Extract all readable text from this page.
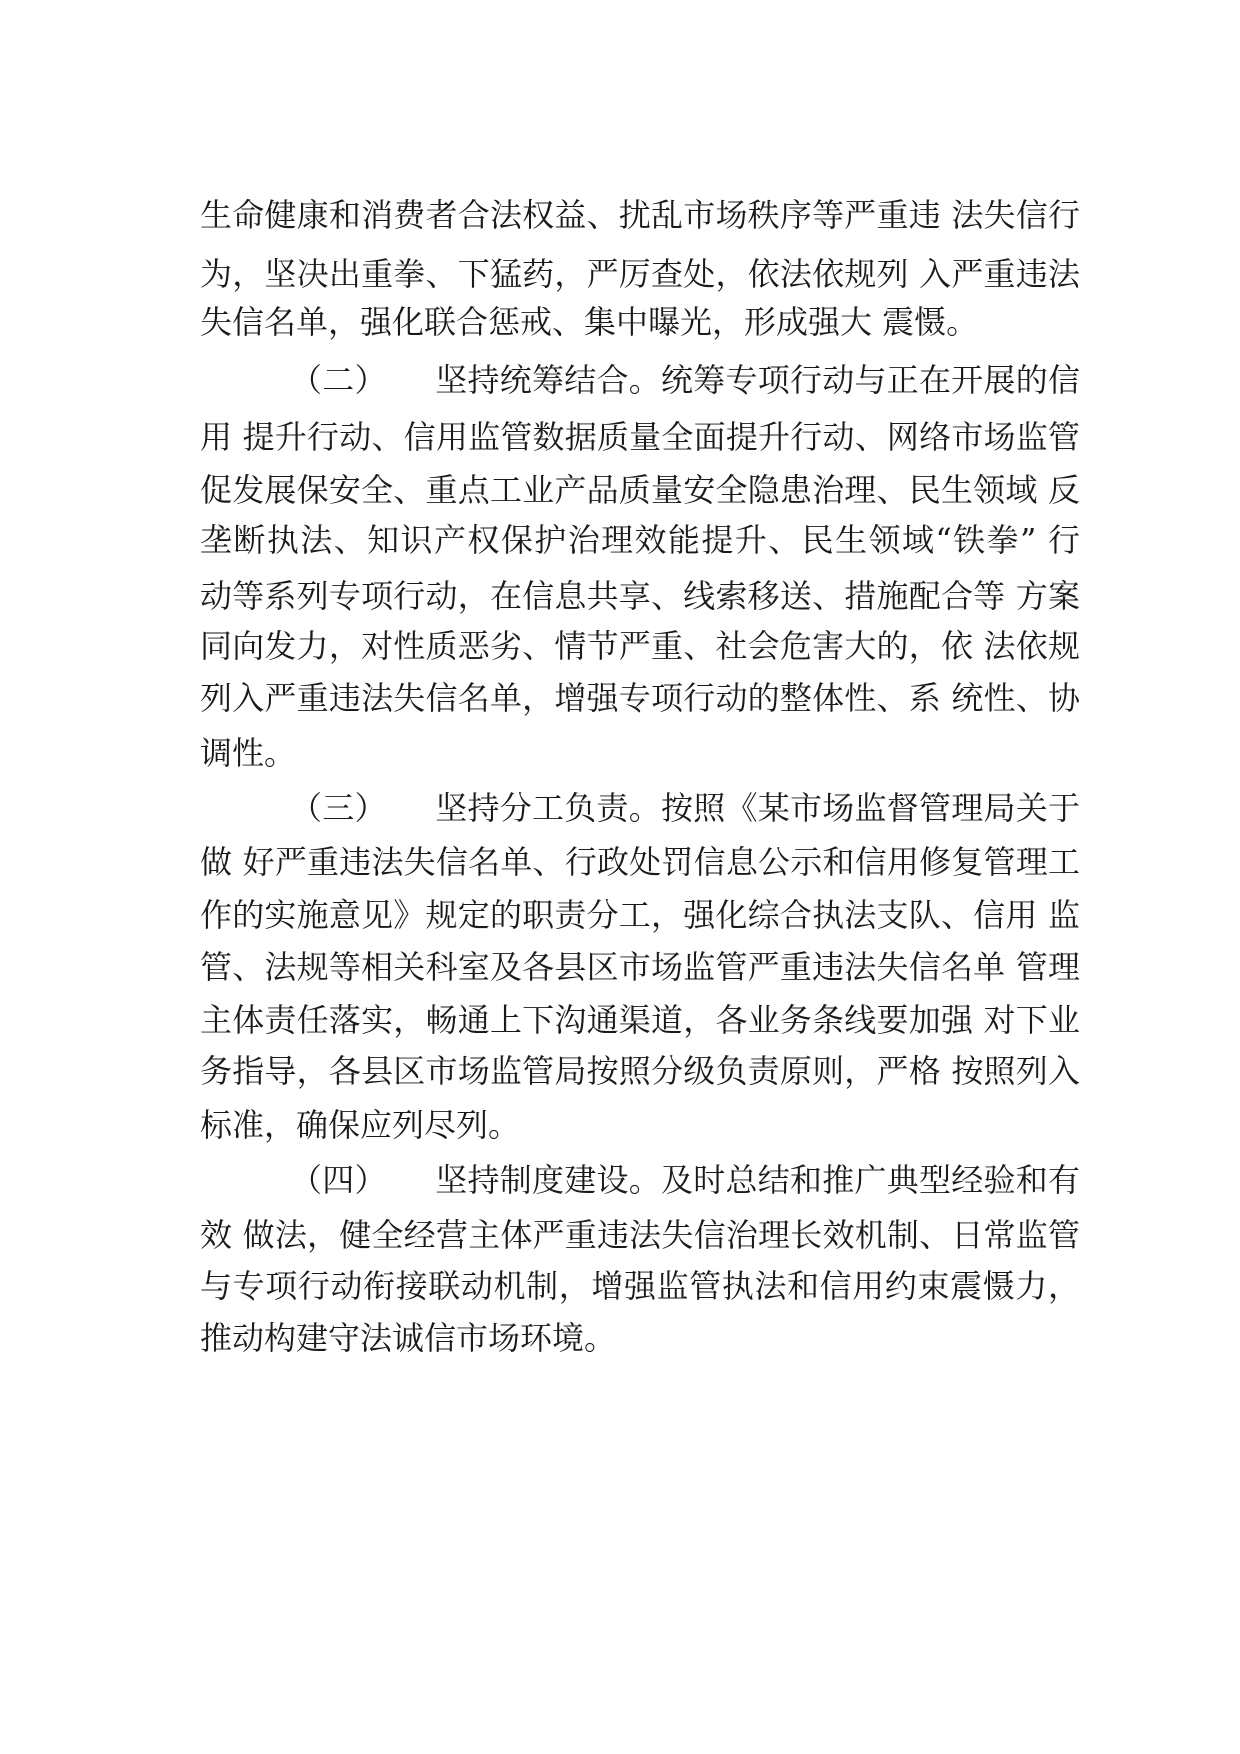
生命健康和消费者合法权益、扰乱市场秩序等严重违 法失信行
为，坚决出重拳、下猛药，严厉查处，依法依规列 入严重违法
失信名单，强化联合惩戒、集中曝光，形成强大 震慑。
（二）　　坚持统筹结合。统筹专项行动与正在开展的信
用 提升行动、信用监管数据质量全面提升行动、网络市场监管
促发展保安全、重点工业产品质量安全隐患治理、民生领域 反
垄断执法、知识产权保护治理效能提升、民生领域“铁拳” 行
动等系列专项行动，在信息共享、线索移送、措施配合等 方案
同向发力，对性质恶劣、情节严重、社会危害大的，依 法依规
列入严重违法失信名单，增强专项行动的整体性、系 统性、协
调性。
（三）　　坚持分工负责。按照《某市场监督管理局关于
做 好严重违法失信名单、行政处罚信息公示和信用修复管理工
作的实施意见》规定的职责分工，强化综合执法支队、信用 监
管、法规等相关科室及各县区市场监管严重违法失信名单 管理
主体责任落实，畅通上下沟通渠道，各业务条线要加强 对下业
务指导，各县区市场监管局按照分级负责原则，严格 按照列入
标准，确保应列尽列。
（四）　　坚持制度建设。及时总结和推广典型经验和有
效 做法，健全经营主体严重违法失信治理长效机制、日常监管
与专项行动衔接联动机制，增强监管执法和信用约束震慑力，
推动构建守法诚信市场环境。
